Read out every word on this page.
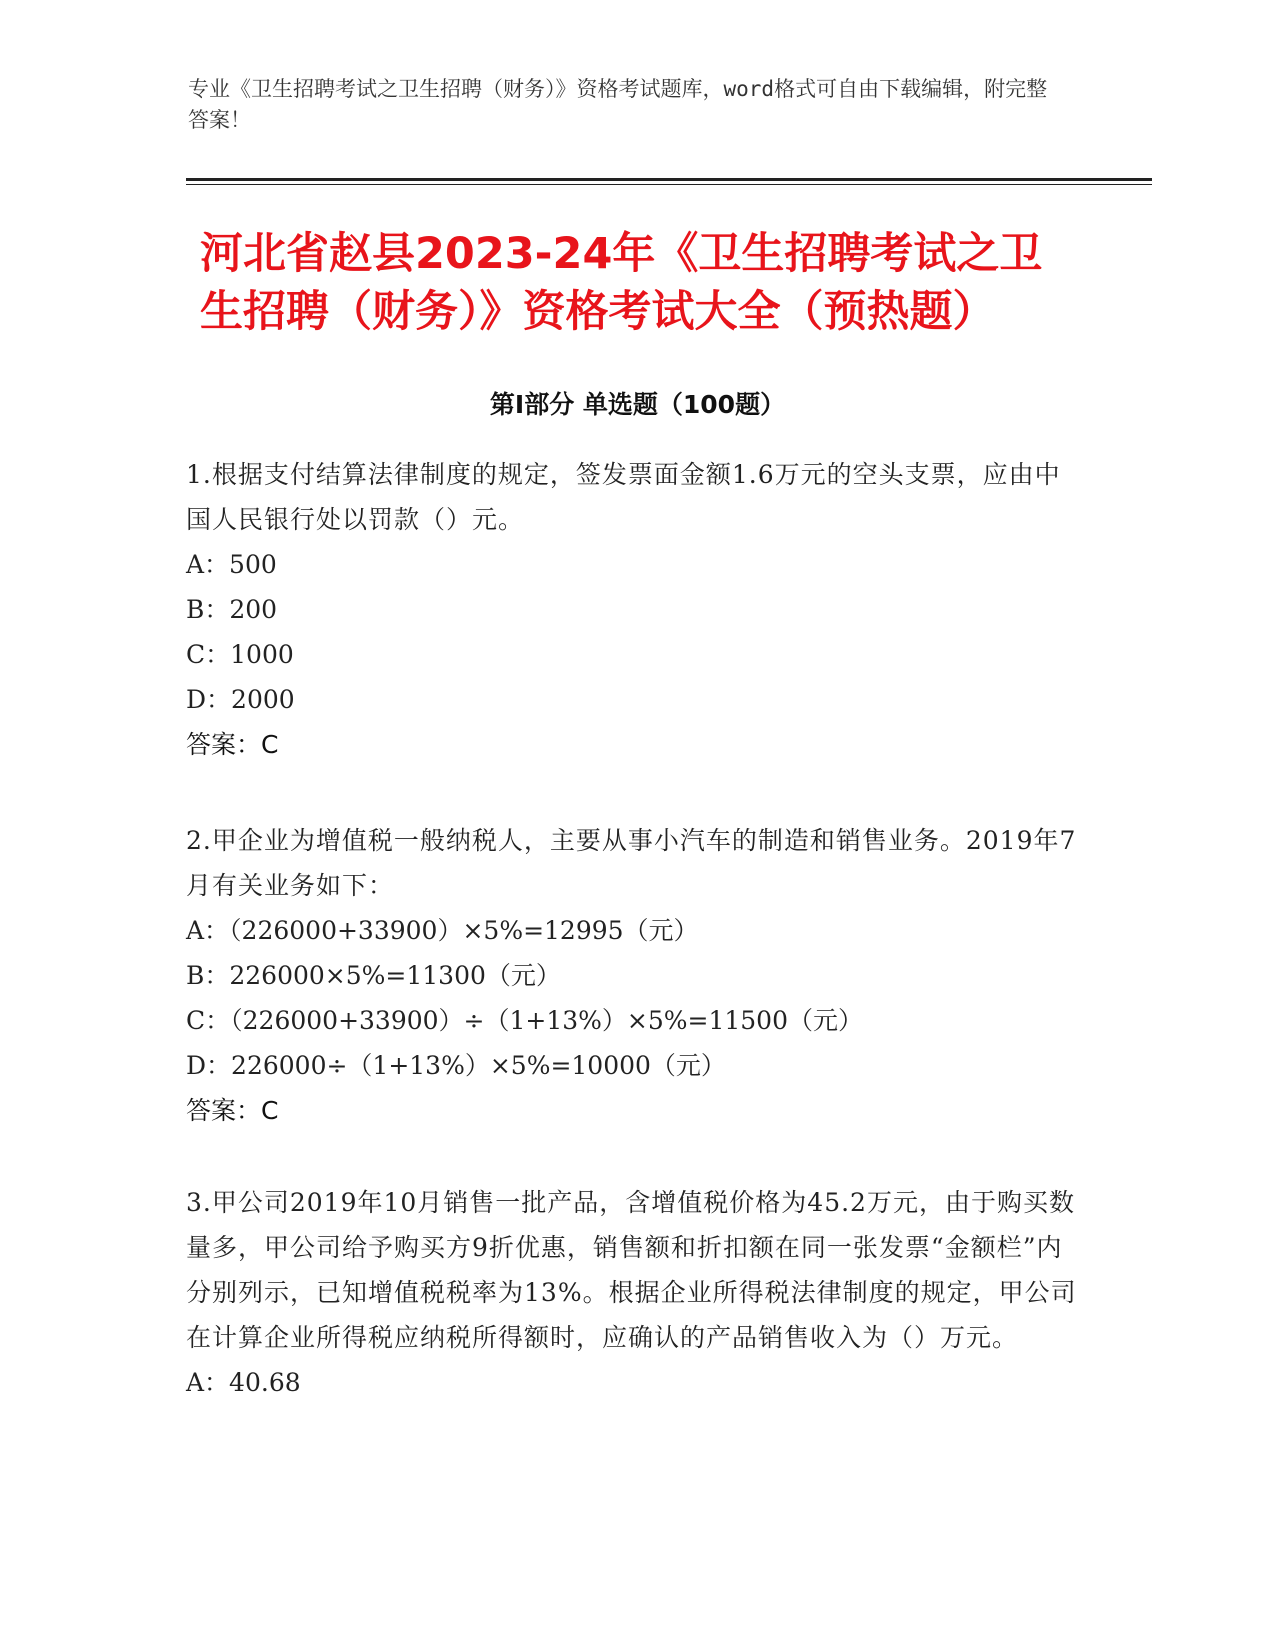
专业《卫生招聘考试之卫生招聘（财务）》资格考试题库，word格式可自由下载编辑，附完整答案！
河北省赵县2023-24年《卫生招聘考试之卫生招聘（财务）》资格考试大全（预热题）
第Ⅰ部分 单选题（100题）
1.根据支付结算法律制度的规定，签发票面金额1.6万元的空头支票，应由中国人民银行处以罚款（）元。
A：500
B：200
C：1000
D：2000
答案：C
2.甲企业为增值税一般纳税人，主要从事小汽车的制造和销售业务。2019年7月有关业务如下：
A：（226000+33900）×5%=12995（元）
B：226000×5%=11300（元）
C：（226000+33900）÷（1+13%）×5%=11500（元）
D：226000÷（1+13%）×5%=10000（元）
答案：C
3.甲公司2019年10月销售一批产品，含增值税价格为45.2万元，由于购买数量多，甲公司给予购买方9折优惠，销售额和折扣额在同一张发票“金额栏”内分别列示，已知增值税税率为13%。根据企业所得税法律制度的规定，甲公司在计算企业所得税应纳税所得额时，应确认的产品销售收入为（）万元。
A：40.68
